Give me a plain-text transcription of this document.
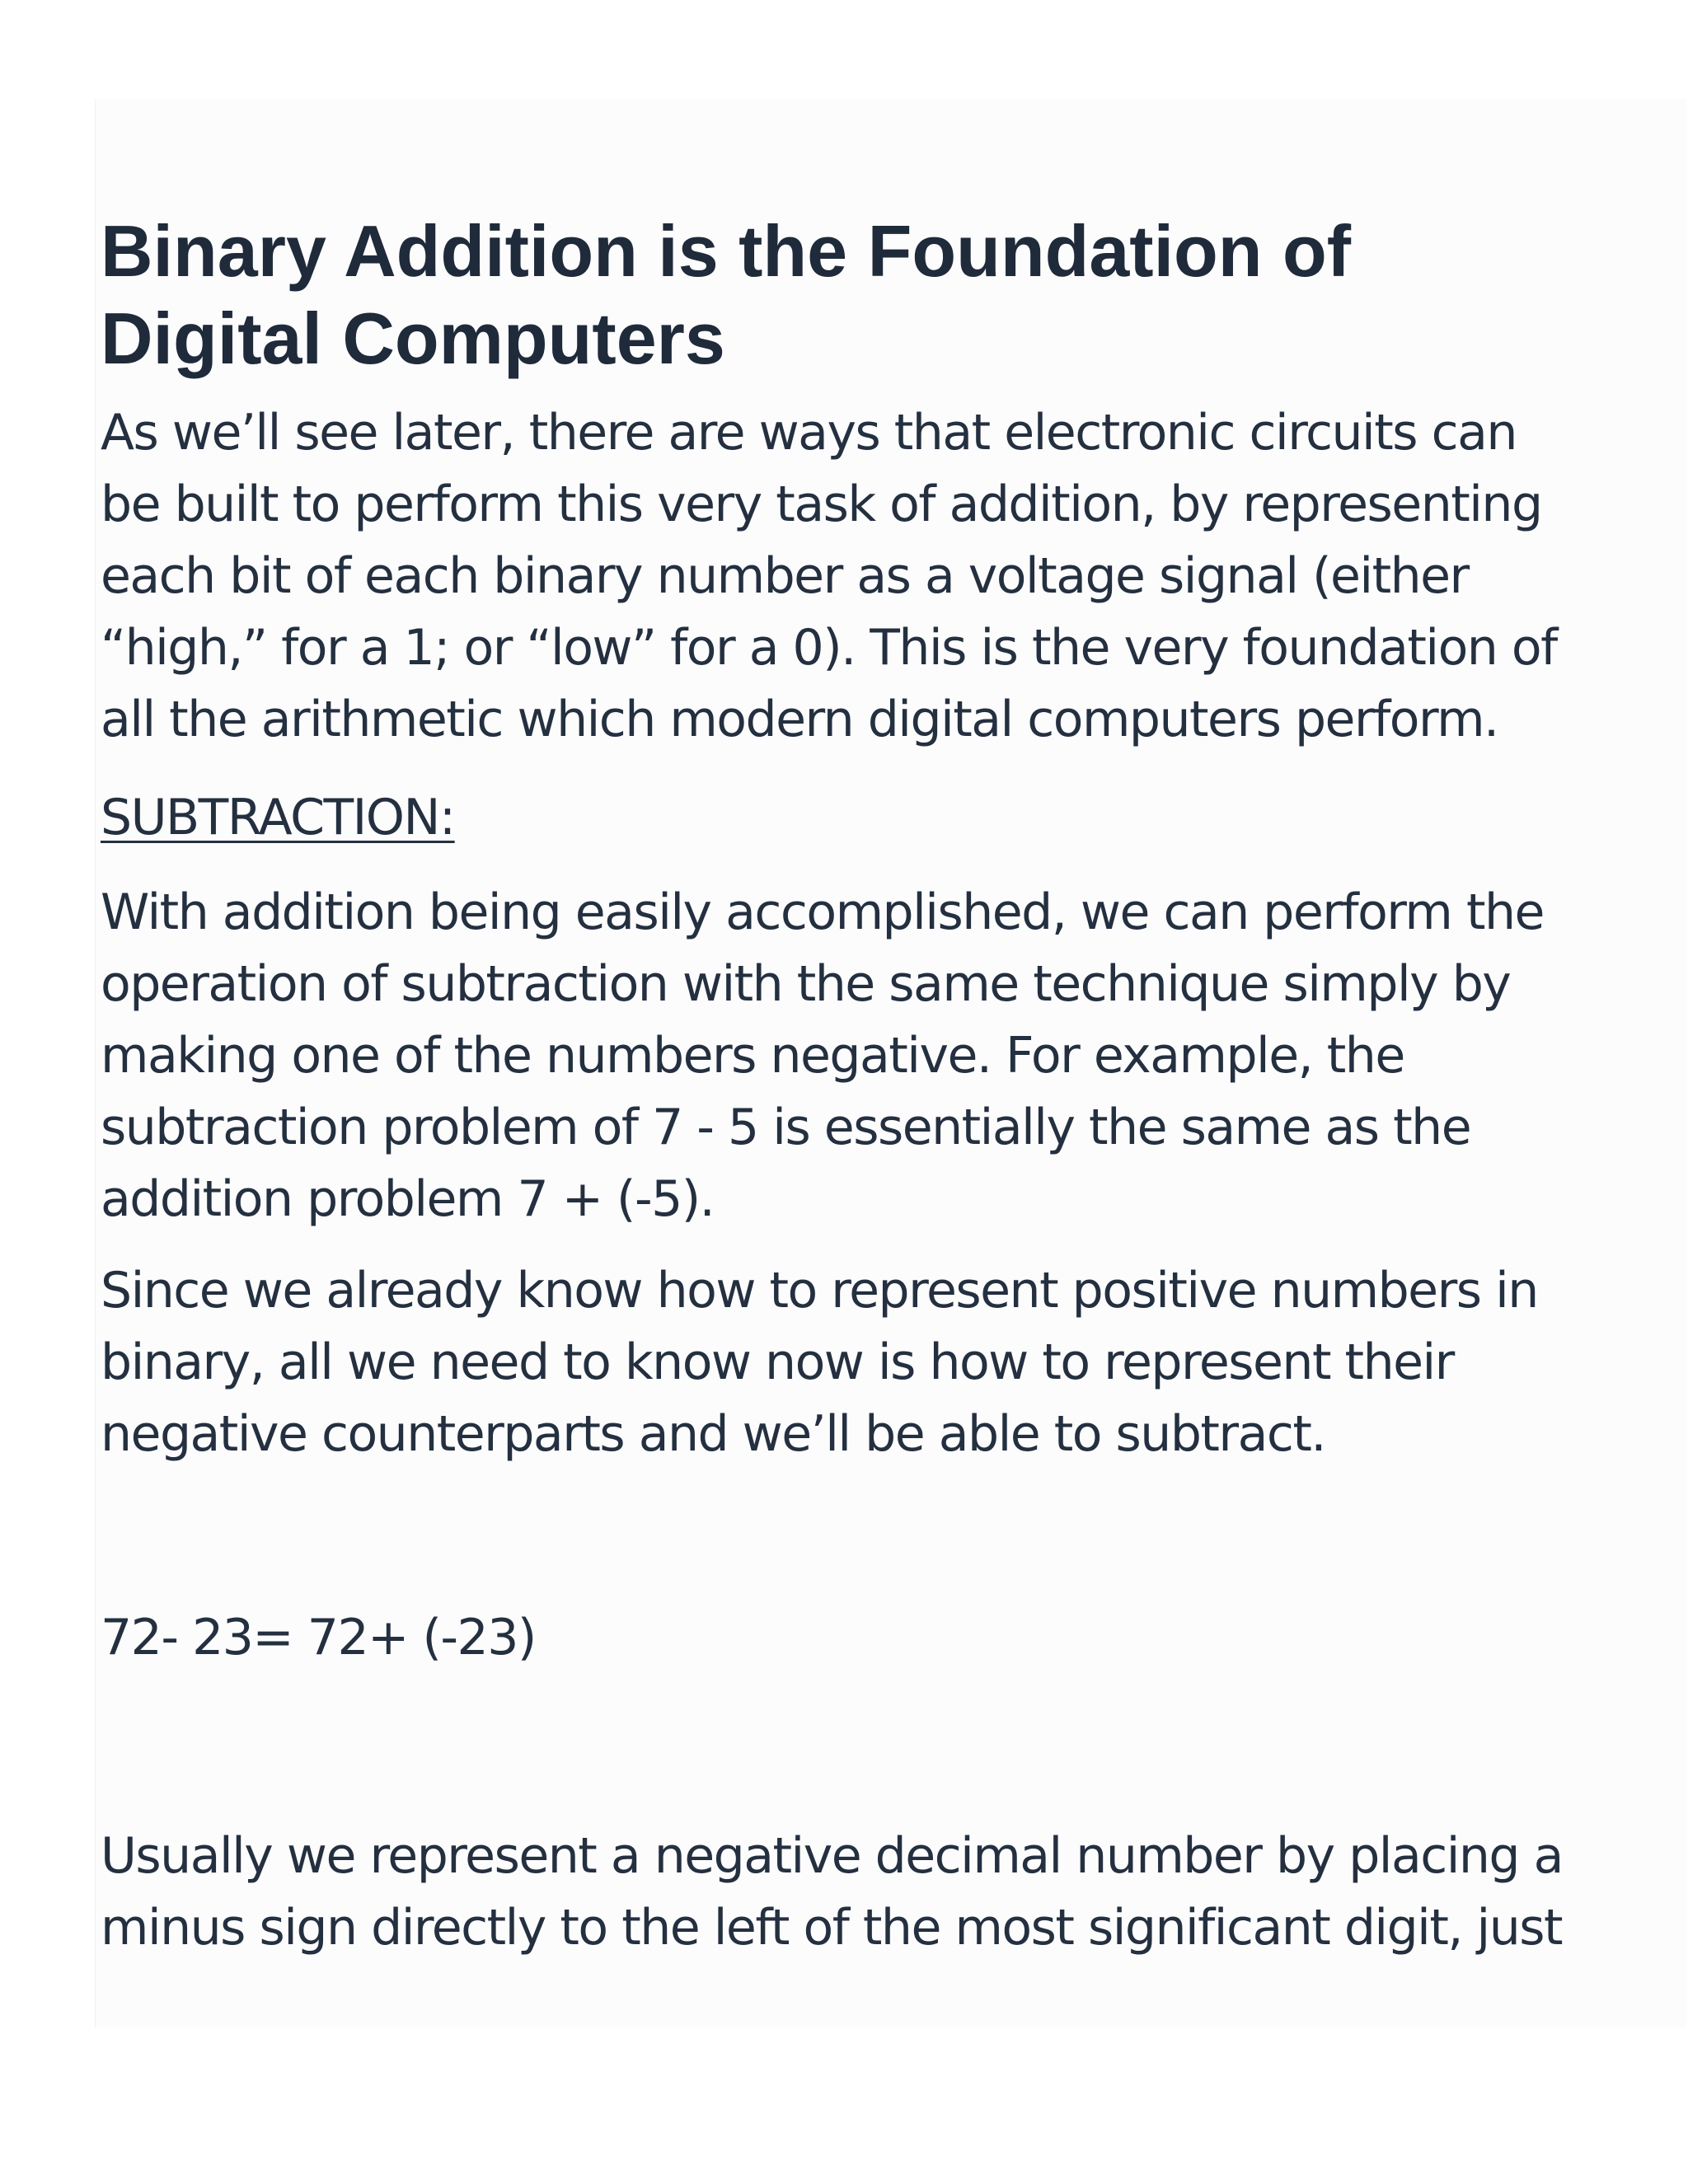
Binary Addition is the Foundation of Digital Computers

As we’ll see later, there are ways that electronic circuits can be built to perform this very task of addition, by representing each bit of each binary number as a voltage signal (either “high,” for a 1; or “low” for a 0). This is the very foundation of all the arithmetic which modern digital computers perform.

SUBTRACTION:

With addition being easily accomplished, we can perform the operation of subtraction with the same technique simply by making one of the numbers negative. For example, the subtraction problem of 7 - 5 is essentially the same as the addition problem 7 + (-5).

Since we already know how to represent positive numbers in binary, all we need to know now is how to represent their negative counterparts and we’ll be able to subtract.

72- 23= 72+ (-23)

Usually we represent a negative decimal number by placing a minus sign directly to the left of the most significant digit, just
